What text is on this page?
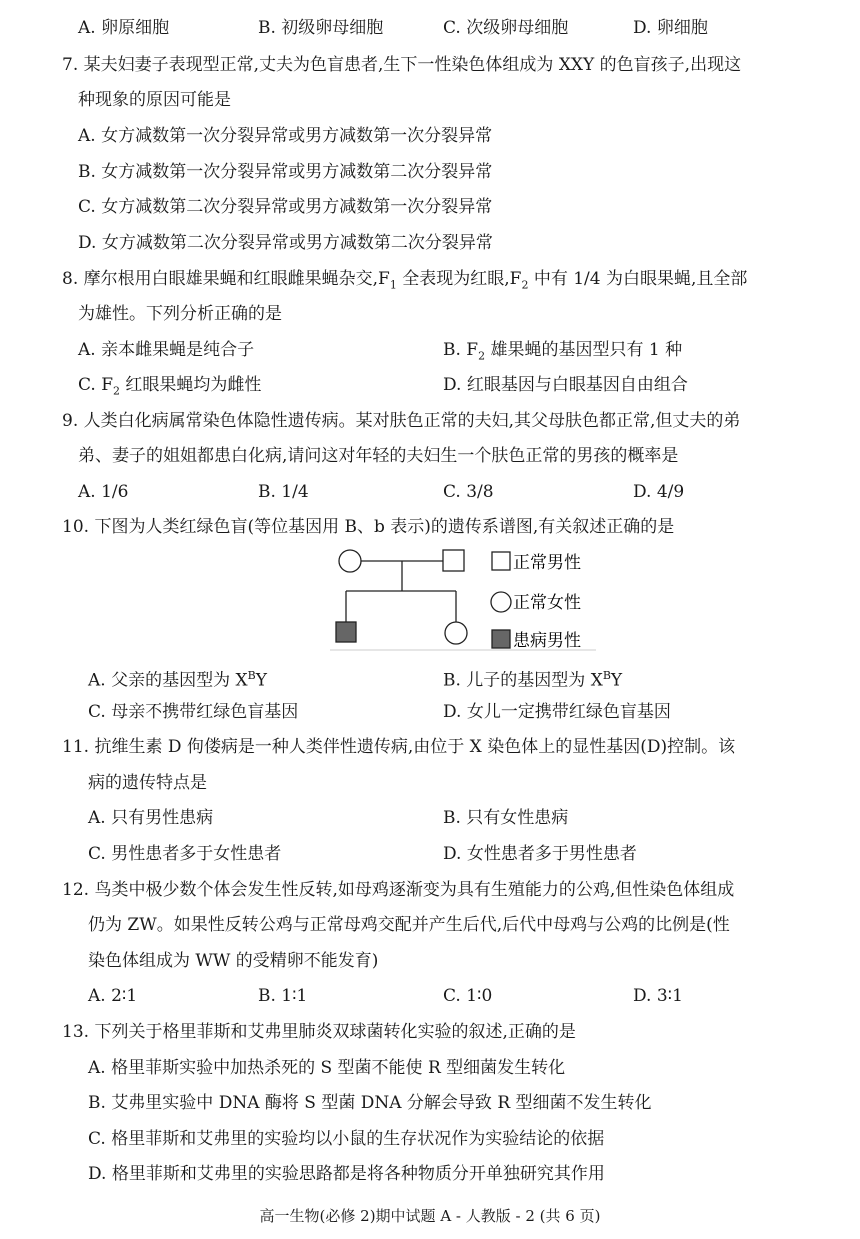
A. 卵原细胞	B. 初级卵母细胞	C. 次级卵母细胞	D. 卵细胞
7. 某夫妇妻子表现型正常,丈夫为色盲患者,生下一性染色体组成为 XXY 的色盲孩子,出现这
种现象的原因可能是
A. 女方减数第一次分裂异常或男方减数第一次分裂异常
B. 女方减数第一次分裂异常或男方减数第二次分裂异常
C. 女方减数第二次分裂异常或男方减数第一次分裂异常
D. 女方减数第二次分裂异常或男方减数第二次分裂异常
8. 摩尔根用白眼雄果蝇和红眼雌果蝇杂交$,F_1$ 全表现为红眼$,F_2$ 中有 1/4 为白眼果蝇,且全部
为雄性。下列分析正确的是
A. 亲本雌果蝇是纯合子	B. $F_2$ 雄果蝇的基因型只有 1 种
C. $F_2$ 红眼果蝇均为雌性	D. 红眼基因与白眼基因自由组合
9. 人类白化病属常染色体隐性遗传病。某对肤色正常的夫妇,其父母肤色都正常,但丈夫的弟
弟、妻子的姐姐都患白化病,请问这对年轻的夫妇生一个肤色正常的男孩的概率是
A. 1/6	B. 1/4	C. 3/8	D. 4/9
10. 下图为人类红绿色盲(等位基因用 B、b 表示)的遗传系谱图,有关叙述正确的是
正常男性
正常女性
患病男性
A. 父亲的基因型为 $X^BY$	B. 儿子的基因型为 $X^BY$
C. 母亲不携带红绿色盲基因	D. 女儿一定携带红绿色盲基因
11. 抗维生素 D 佝偻病是一种人类伴性遗传病,由位于 X 染色体上的显性基因(D)控制。该
病的遗传特点是
A. 只有男性患病	B. 只有女性患病
C. 男性患者多于女性患者	D. 女性患者多于男性患者
12. 鸟类中极少数个体会发生性反转,如母鸡逐渐变为具有生殖能力的公鸡,但性染色体组成
仍为 ZW。如果性反转公鸡与正常母鸡交配并产生后代,后代中母鸡与公鸡的比例是(性
染色体组成为 WW 的受精卵不能发育)
A. 2∶1	B. 1∶1	C. 1∶0	D. 3∶1
13. 下列关于格里菲斯和艾弗里肺炎双球菌转化实验的叙述,正确的是
A. 格里菲斯实验中加热杀死的 S 型菌不能使 R 型细菌发生转化
B. 艾弗里实验中 DNA 酶将 S 型菌 DNA 分解会导致 R 型细菌不发生转化
C. 格里菲斯和艾弗里的实验均以小鼠的生存状况作为实验结论的依据
D. 格里菲斯和艾弗里的实验思路都是将各种物质分开单独研究其作用
高一生物(必修 2)期中试题 A - 人教版 - 2 (共 6 页)
